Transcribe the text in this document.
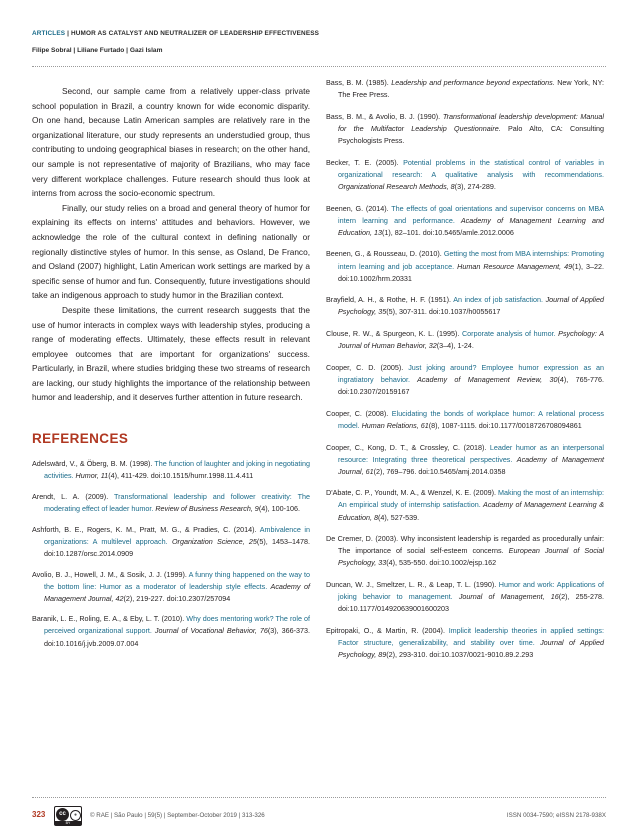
ARTICLES | HUMOR AS CATALYST AND NEUTRALIZER OF LEADERSHIP EFFECTIVENESS
Filipe Sobral | Liliane Furtado | Gazi Islam

Second, our sample came from a relatively upper-class private school population in Brazil, a country known for wide economic disparity. On one hand, because Latin American samples are relatively rare in the organizational literature, our study represents an understudied group, thus contributing to undoing geographical biases in research; on the other hand, our sample is not representative of majority of Brazilians, who may face very different workplace challenges. Future research should thus look at interns from across the socio-economic spectrum.

Finally, our study relies on a broad and general theory of humor for explaining its effects on interns' attitudes and behaviors. However, we acknowledge the role of the cultural context in defining nationally or regionally distinctive styles of humor. In this sense, as Osland, De Franco, and Osland (2007) highlight, Latin American work settings are marked by a specific sense of humor and fun. Consequently, future investigations should take an indigenous approach to study humor in the Brazilian context.

Despite these limitations, the current research suggests that the use of humor interacts in complex ways with leadership styles, producing a range of moderating effects. Ultimately, these effects result in relevant employee outcomes that are important for organizations' success. Particularly, in Brazil, where studies bridging these two streams of research are lacking, our study highlights the importance of the relationship between humor and leadership, and it deserves further attention in future research.

REFERENCES

Adelswärd, V., & Öberg, B. M. (1998). The function of laughter and joking in negotiating activities. Humor, 11(4), 411-429. doi:10.1515/humr.1998.11.4.411

Arendt, L. A. (2009). Transformational leadership and follower creativity: The moderating effect of leader humor. Review of Business Research, 9(4), 100-106.

Ashforth, B. E., Rogers, K. M., Pratt, M. G., & Pradies, C. (2014). Ambivalence in organizations: A multilevel approach. Organization Science, 25(5), 1453–1478. doi:10.1287/orsc.2014.0909

Avolio, B. J., Howell, J. M., & Sosik, J. J. (1999). A funny thing happened on the way to the bottom line: Humor as a moderator of leadership style effects. Academy of Management Journal, 42(2), 219-227. doi:10.2307/257094

Baranik, L. E., Roling, E. A., & Eby, L. T. (2010). Why does mentoring work? The role of perceived organizational support. Journal of Vocational Behavior, 76(3), 366-373. doi:10.1016/j.jvb.2009.07.004

Bass, B. M. (1985). Leadership and performance beyond expectations. New York, NY: The Free Press.

Bass, B. M., & Avolio, B. J. (1990). Transformational leadership development: Manual for the Multifactor Leadership Questionnaire. Palo Alto, CA: Consulting Psychologists Press.

Becker, T. E. (2005). Potential problems in the statistical control of variables in organizational research: A qualitative analysis with recommendations. Organizational Research Methods, 8(3), 274-289.

Beenen, G. (2014). The effects of goal orientations and supervisor concerns on MBA intern learning and performance. Academy of Management Learning and Education, 13(1), 82–101. doi:10.5465/amle.2012.0006

Beenen, G., & Rousseau, D. (2010). Getting the most from MBA internships: Promoting intern learning and job acceptance. Human Resource Management, 49(1), 3–22. doi:10.1002/hrm.20331

Brayfield, A. H., & Rothe, H. F. (1951). An index of job satisfaction. Journal of Applied Psychology, 35(5), 307-311. doi:10.1037/h0055617

Clouse, R. W., & Spurgeon, K. L. (1995). Corporate analysis of humor. Psychology: A Journal of Human Behavior, 32(3–4), 1-24.

Cooper, C. D. (2005). Just joking around? Employee humor expression as an ingratiatory behavior. Academy of Management Review, 30(4), 765-776. doi:10.2307/20159167

Cooper, C. (2008). Elucidating the bonds of workplace humor: A relational process model. Human Relations, 61(8), 1087-1115. doi:10.1177/0018726708094861

Cooper, C., Kong, D. T., & Crossley, C. (2018). Leader humor as an interpersonal resource: Integrating three theoretical perspectives. Academy of Management Journal, 61(2), 769–796. doi:10.5465/amj.2014.0358

D'Abate, C. P., Youndt, M. A., & Wenzel, K. E. (2009). Making the most of an internship: An empirical study of internship satisfaction. Academy of Management Learning & Education, 8(4), 527-539.

De Cremer, D. (2003). Why inconsistent leadership is regarded as procedurally unfair: The importance of social self-esteem concerns. European Journal of Social Psychology, 33(4), 535-550. doi:10.1002/ejsp.162

Duncan, W. J., Smeltzer, L. R., & Leap, T. L. (1990). Humor and work: Applications of joking behavior to management. Journal of Management, 16(2), 255-278. doi:10.1177/014920639001600203

Epitropaki, O., & Martin, R. (2004). Implicit leadership theories in applied settings: Factor structure, generalizability, and stability over time. Journal of Applied Psychology, 89(2), 293-310. doi:10.1037/0021-9010.89.2.293

323	cc	●
BY
© RAE | São Paulo | 59(5) | September-October 2019 | 313-326	ISSN 0034-7590; eISSN 2178-938X
